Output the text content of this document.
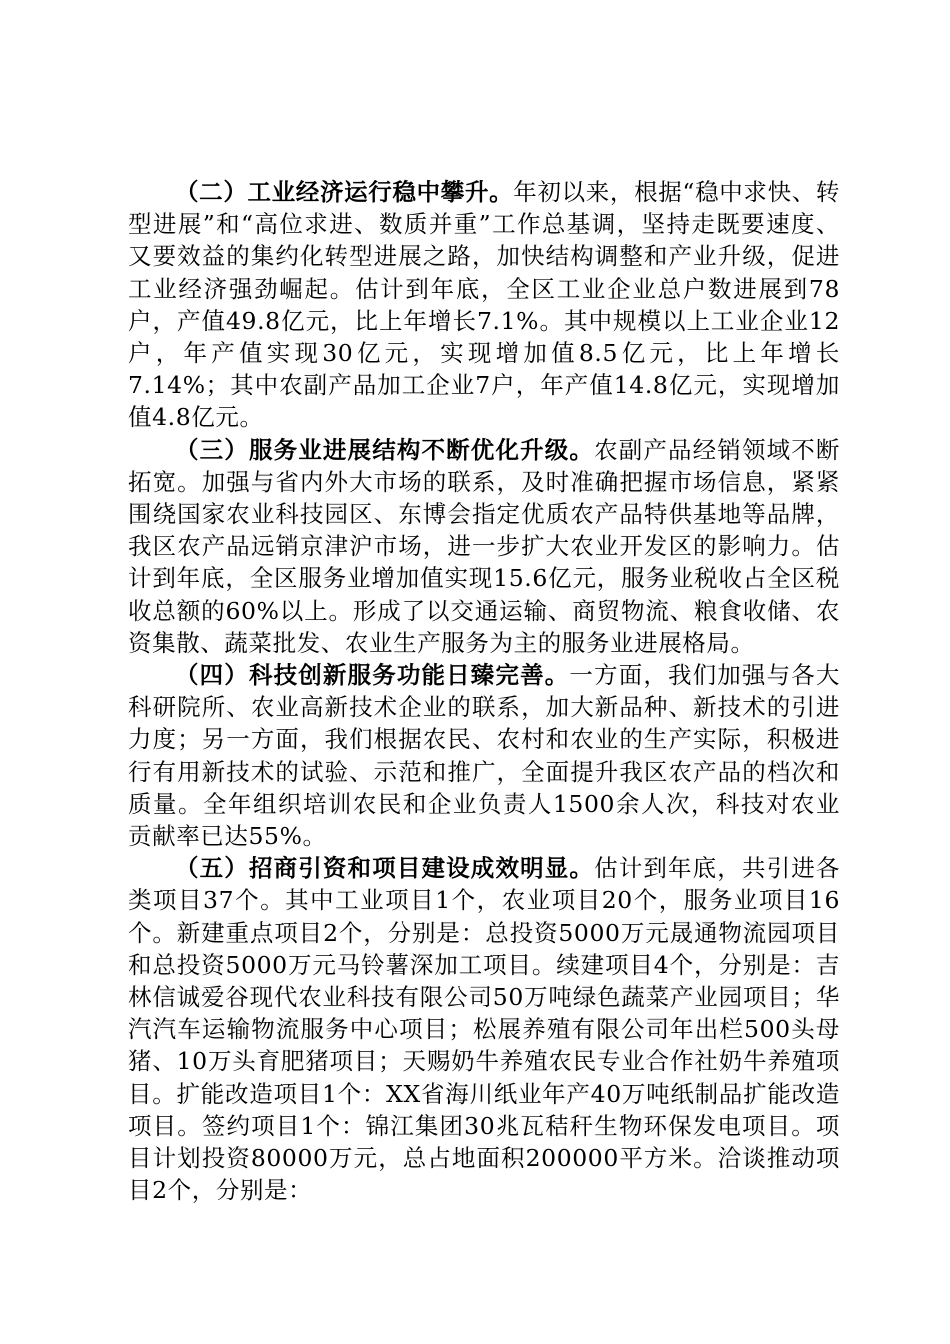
（二）工业经济运行稳中攀升。年初以来，根据“稳中求快、转型进展”和“高位求进、数质并重”工作总基调，坚持走既要速度、又要效益的集约化转型进展之路，加快结构调整和产业升级，促进工业经济强劲崛起。估计到年底，全区工业企业总户数进展到78户，产值49.8亿元，比上年增长7.1%。其中规模以上工业企业12户，年产值实现30亿元，实现增加值8.5亿元，比上年增长7.14%；其中农副产品加工企业7户，年产值14.8亿元，实现增加值4.8亿元。

（三）服务业进展结构不断优化升级。农副产品经销领域不断拓宽。加强与省内外大市场的联系，及时准确把握市场信息，紧紧围绕国家农业科技园区、东博会指定优质农产品特供基地等品牌，我区农产品远销京津沪市场，进一步扩大农业开发区的影响力。估计到年底，全区服务业增加值实现15.6亿元，服务业税收占全区税收总额的60%以上。形成了以交通运输、商贸物流、粮食收储、农资集散、蔬菜批发、农业生产服务为主的服务业进展格局。

（四）科技创新服务功能日臻完善。一方面，我们加强与各大科研院所、农业高新技术企业的联系，加大新品种、新技术的引进力度；另一方面，我们根据农民、农村和农业的生产实际，积极进行有用新技术的试验、示范和推广，全面提升我区农产品的档次和质量。全年组织培训农民和企业负责人1500余人次，科技对农业贡献率已达55%。

（五）招商引资和项目建设成效明显。估计到年底，共引进各类项目37个。其中工业项目1个，农业项目20个，服务业项目16个。新建重点项目2个，分别是：总投资5000万元晟通物流园项目和总投资5000万元马铃薯深加工项目。续建项目4个，分别是：吉林信诚爱谷现代农业科技有限公司50万吨绿色蔬菜产业园项目；华汽汽车运输物流服务中心项目；松展养殖有限公司年出栏500头母猪、10万头育肥猪项目；天赐奶牛养殖农民专业合作社奶牛养殖项目。扩能改造项目1个：XX省海川纸业年产40万吨纸制品扩能改造项目。签约项目1个：锦江集团30兆瓦秸秆生物环保发电项目。项目计划投资80000万元，总占地面积200000平方米。洽谈推动项目2个，分别是：
